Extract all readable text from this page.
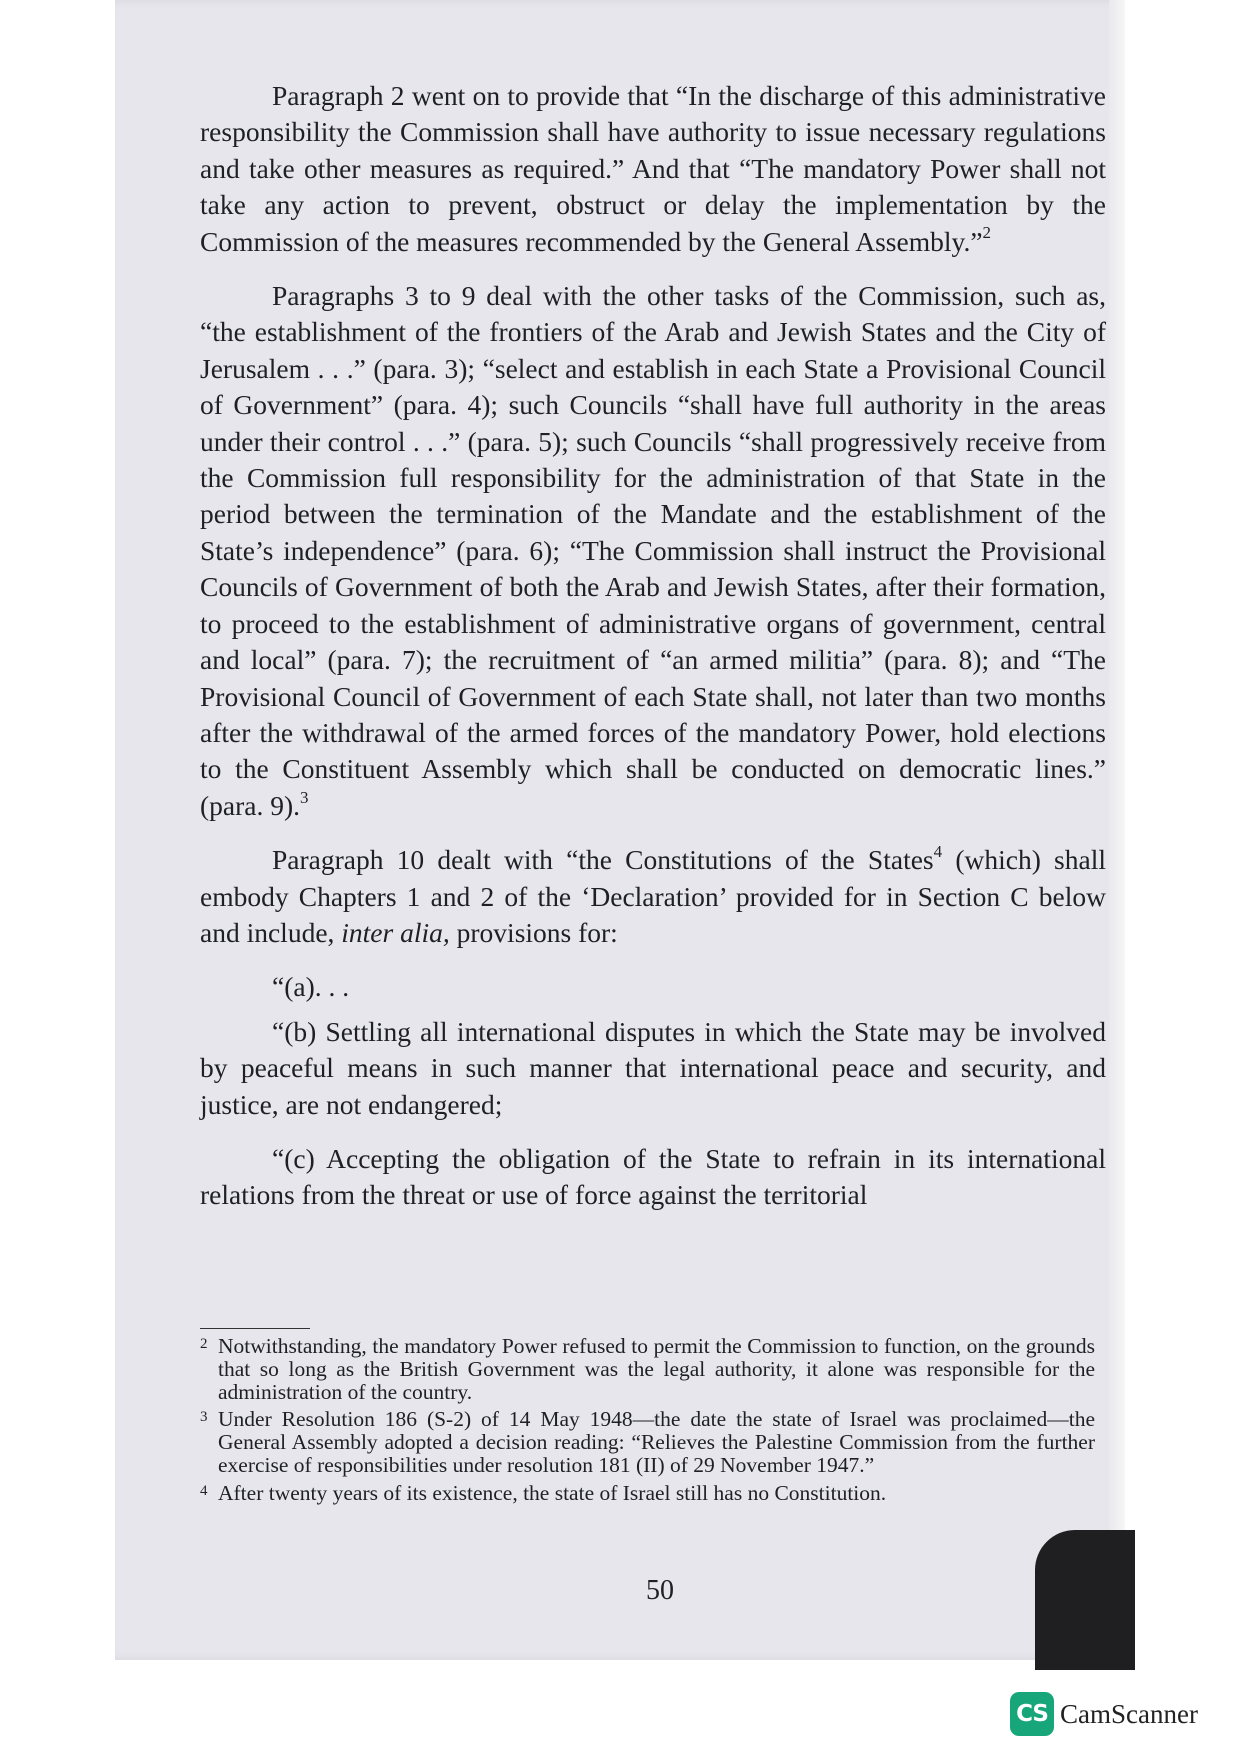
Paragraph 2 went on to provide that “In the discharge of this administrative responsibility the Commission shall have authority to issue necessary regulations and take other measures as required.” And that “The mandatory Power shall not take any action to prevent, obstruct or delay the implementation by the Commission of the measures recommended by the General Assembly.”$^2$

Paragraphs 3 to 9 deal with the other tasks of the Commission, such as, “the establishment of the frontiers of the Arab and Jewish States and the City of Jerusalem . . .” (para. 3); “select and establish in each State a Provisional Council of Government” (para. 4); such Councils “shall have full authority in the areas under their control . . .” (para. 5); such Councils “shall progressively receive from the Commission full responsibility for the administration of that State in the period between the termination of the Mandate and the establishment of the State’s independence” (para. 6); “The Commission shall instruct the Provisional Councils of Government of both the Arab and Jewish States, after their formation, to proceed to the establishment of administrative organs of government, central and local” (para. 7); the recruitment of “an armed militia” (para. 8); and “The Provisional Council of Government of each State shall, not later than two months after the withdrawal of the armed forces of the mandatory Power, hold elections to the Constituent Assembly which shall be conducted on democratic lines.” (para. 9).$^3$

Paragraph 10 dealt with “the Constitutions of the States$^4$ (which) shall embody Chapters 1 and 2 of the ‘Declaration’ provided for in Section C below and include, inter alia, provisions for:

“(a). . .

“(b) Settling all international disputes in which the State may be involved by peaceful means in such manner that international peace and security, and justice, are not endangered;

“(c) Accepting the obligation of the State to refrain in its international relations from the threat or use of force against the territorial

2 Notwithstanding, the mandatory Power refused to permit the Commission to function, on the grounds that so long as the British Government was the legal authority, it alone was responsible for the administration of the country.
3 Under Resolution 186 (S-2) of 14 May 1948—the date the state of Israel was proclaimed—the General Assembly adopted a decision reading: “Relieves the Palestine Commission from the further exercise of responsibilities under resolution 181 (II) of 29 November 1947.”
4 After twenty years of its existence, the state of Israel still has no Constitution.
50
CS CamScanner
